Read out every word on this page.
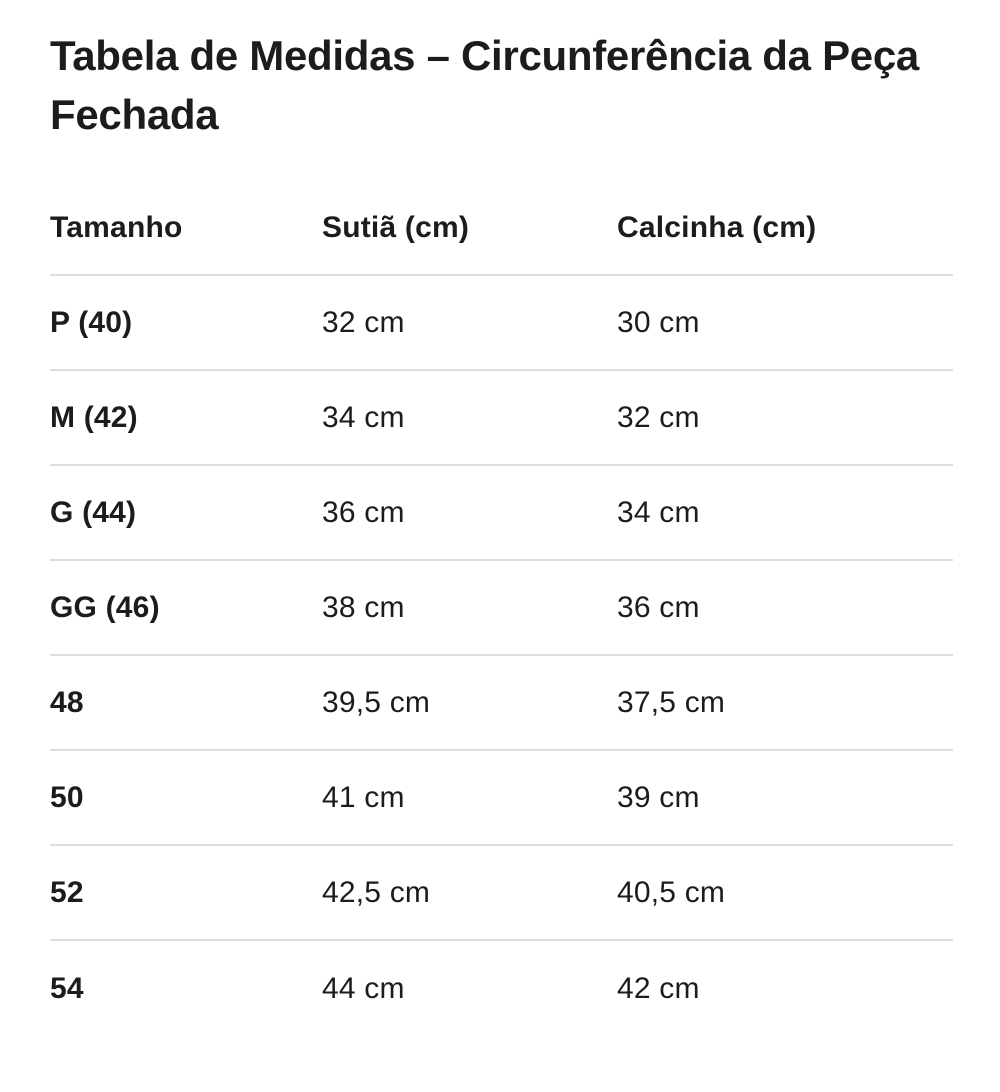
Tabela de Medidas – Circunferência da Peça Fechada
Tamanho	Sutiã (cm)	Calcinha (cm)
P (40)	32 cm	30 cm
M (42)	34 cm	32 cm
G (44)	36 cm	34 cm
GG (46)	38 cm	36 cm
48	39,5 cm	37,5 cm
50	41 cm	39 cm
52	42,5 cm	40,5 cm
54	44 cm	42 cm
